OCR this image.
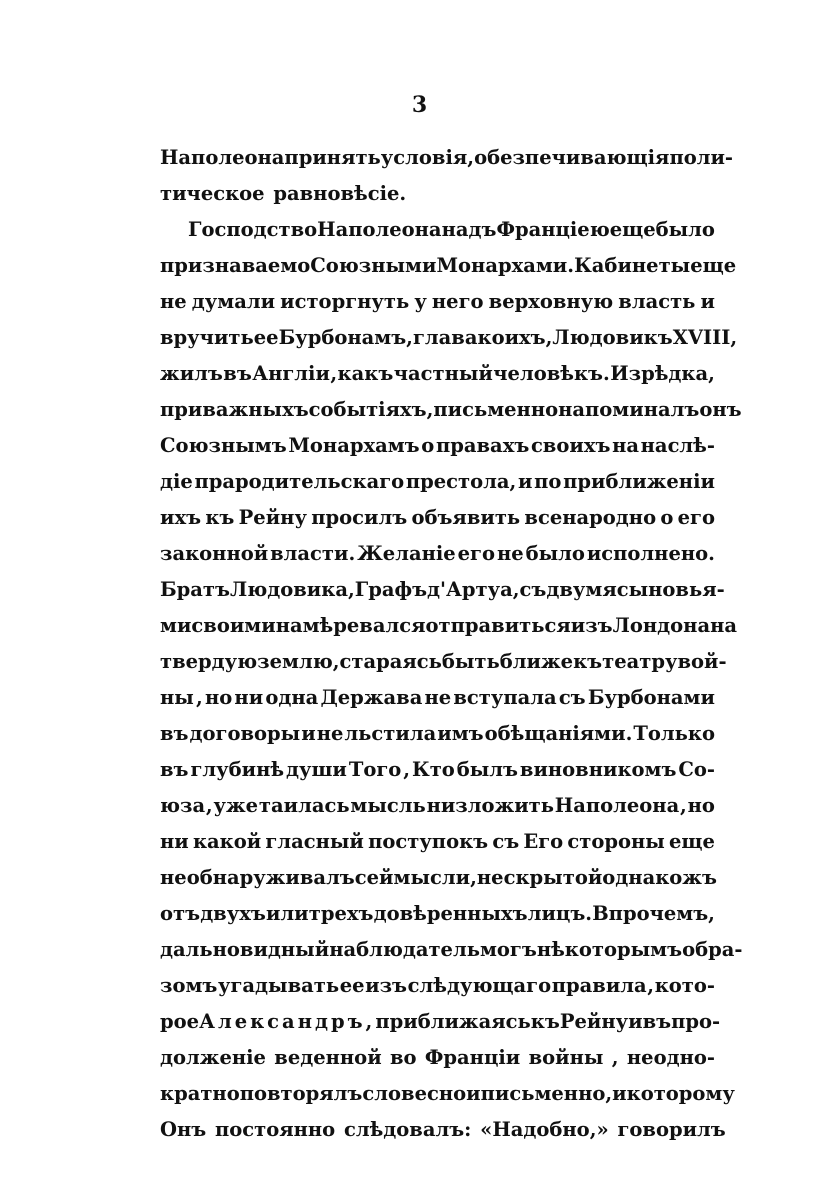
3
Наполеона принять условія, обезпечивающія поли-
тическое равновѣсіе.
Господство Наполеона надъ Франціею еще было
признаваемо Союзными Монархами. Кабинеты еще
не думали исторгнуть у него верховную власть и
вручить ее Бурбонамъ, глава коихъ, Людовикъ XVIII,
жилъ въ Англіи , какъ частный человѣкъ. Изрѣдка,
при важныхъ событіяхъ, письменно напоминалъ онъ
Союзнымъ Монархамъ о правахъ своихъ на наслѣ-
діе прародительскаго престола, и по приближеніи
ихъ къ Рейну просилъ объявить всенародно о его
законной власти. Желаніе его не было исполнено.
Братъ Людовика, Графъ д'Артуа , съ двумя сыновья-
ми своими намѣревался отправиться изъ Лондона на
твердую землю, стараясь быть ближе къ театру вой-
ны , но ни одна Держава не вступала съ Бурбонами
въ договоры и не льстила имъ обѣщаніями. Только
въ глубинѣ души Того , Кто былъ виновникомъ Со-
юза , уже таилась мысль низложить Наполеона , но
ни какой гласный поступокъ съ Его стороны еще
не обнаруживалъ сей мысли , не скрытой однакожъ
отъ двухъ или трехъ довѣренныхъ лицъ. Впрочемъ,
дальновидный наблюдатель могъ нѣкоторымъ обра-
зомъ угадывать ее изъ слѣдующаго правила , кото-
рое Александръ, приближаясь къ Рейну и въ про-
долженіе веденной во Франціи войны , неодно-
кратно повторялъ словесно и письменно, и которому
Онъ постоянно слѣдовалъ: «Надобно,» говорилъ
